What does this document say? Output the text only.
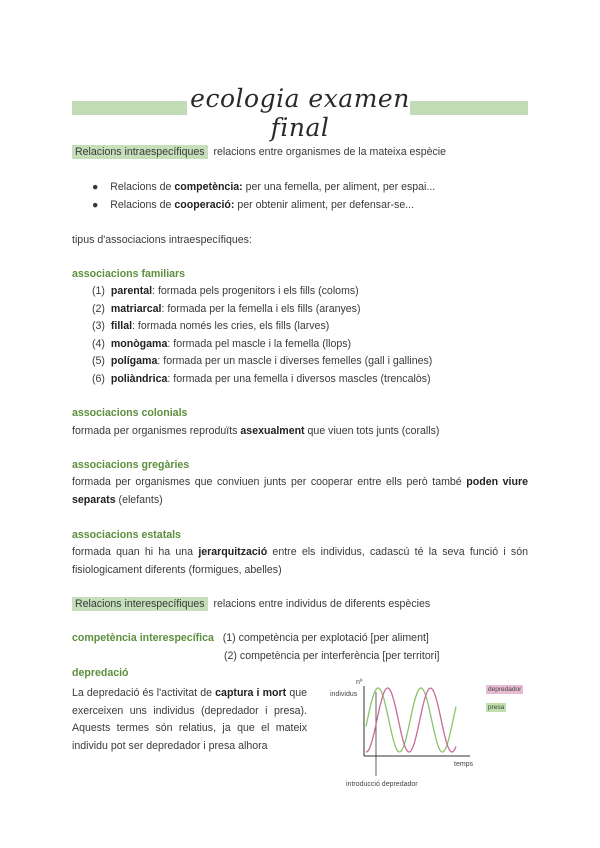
ecologia examen final
Relacions intraespecífiques relacions entre organismes de la mateixa espècie
● Relacions de competència: per una femella, per aliment, per espai...
● Relacions de cooperació: per obtenir aliment, per defensar-se...
tipus d'associacions intraespecífiques:
associacions familiars
(1) parental: formada pels progenitors i els fills (coloms)
(2) matriarcal: formada per la femella i els fills (aranyes)
(3) fillal: formada només les cries, els fills (larves)
(4) monògama: formada pel mascle i la femella (llops)
(5) polígama: formada per un mascle i diverses femelles (gall i gallines)
(6) poliàndrica: formada per una femella i diversos mascles (trencalòs)
associacions colonials
formada per organismes reproduïts asexualment que viuen tots junts (coralls)
associacions gregàries
formada per organismes que conviuen junts per cooperar entre ells però també poden viure separats (elefants)
associacions estatals
formada quan hi ha una jerarquització entre els individus, cadascú té la seva funció i són fisiologicament diferents (formigues, abelles)
Relacions interespecífiques relacions entre individus de diferents espècies
competència interespecífica (1) competència per explotació [per aliment]
(2) competència per interferència [per territori]
depredació
La depredació és l'activitat de captura i mort que exerceixen uns individus (depredador i presa). Aquests termes són relatius, ja que el mateix individu pot ser depredador i presa alhora
nº
individus
temps
introducció depredador
depredador
presa
